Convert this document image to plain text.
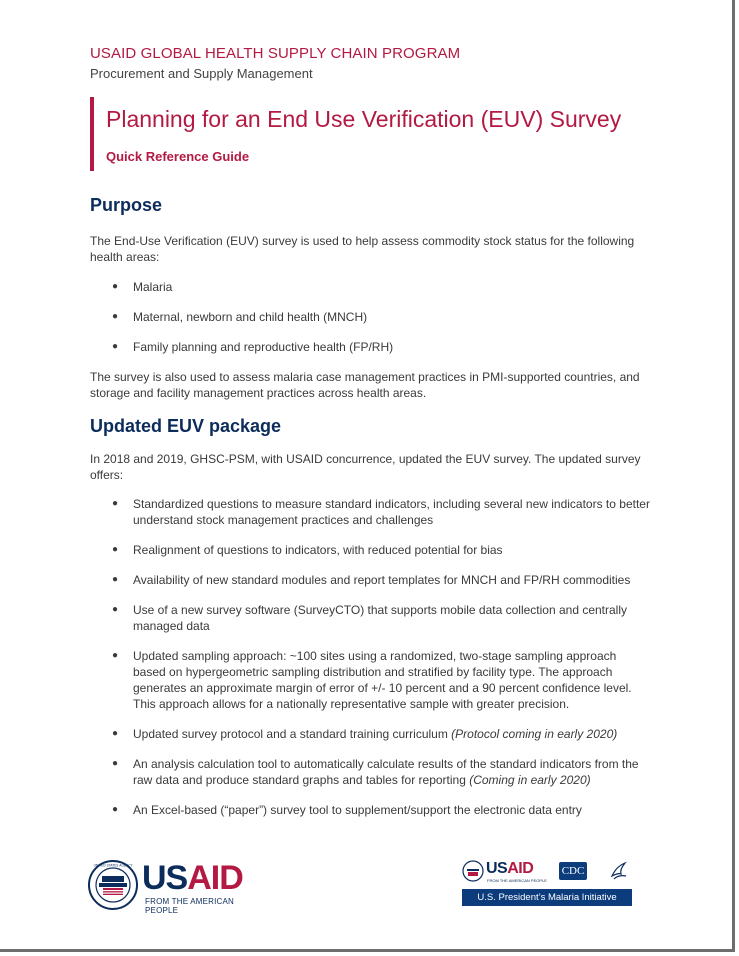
USAID GLOBAL HEALTH SUPPLY CHAIN PROGRAM
Procurement and Supply Management
Planning for an End Use Verification (EUV) Survey
Quick Reference Guide
Purpose

The End-Use Verification (EUV) survey is used to help assess commodity stock status for the following health areas:

● Malaria
● Maternal, newborn and child health (MNCH)
● Family planning and reproductive health (FP/RH)

The survey is also used to assess malaria case management practices in PMI-supported countries, and storage and facility management practices across health areas.

Updated EUV package

In 2018 and 2019, GHSC-PSM, with USAID concurrence, updated the EUV survey. The updated survey offers:

● Standardized questions to measure standard indicators, including several new indicators to better understand stock management practices and challenges
● Realignment of questions to indicators, with reduced potential for bias
● Availability of new standard modules and report templates for MNCH and FP/RH commodities
● Use of a new survey software (SurveyCTO) that supports mobile data collection and centrally managed data
● Updated sampling approach: ~100 sites using a randomized, two-stage sampling approach based on hypergeometric sampling distribution and stratified by facility type. The approach generates an approximate margin of error of +/- 10 percent and a 90 percent confidence level. This approach allows for a nationally representative sample with greater precision.
● Updated survey protocol and a standard training curriculum (Protocol coming in early 2020)
● An analysis calculation tool to automatically calculate results of the standard indicators from the raw data and produce standard graphs and tables for reporting (Coming in early 2020)
● An Excel-based (“paper”) survey tool to supplement/support the electronic data entry
UNITED STATES AGENCY USAID
FROM THE AMERICAN PEOPLE
USAID
FROM THE AMERICAN PEOPLE
CDC
U.S. President’s Malaria Initiative
